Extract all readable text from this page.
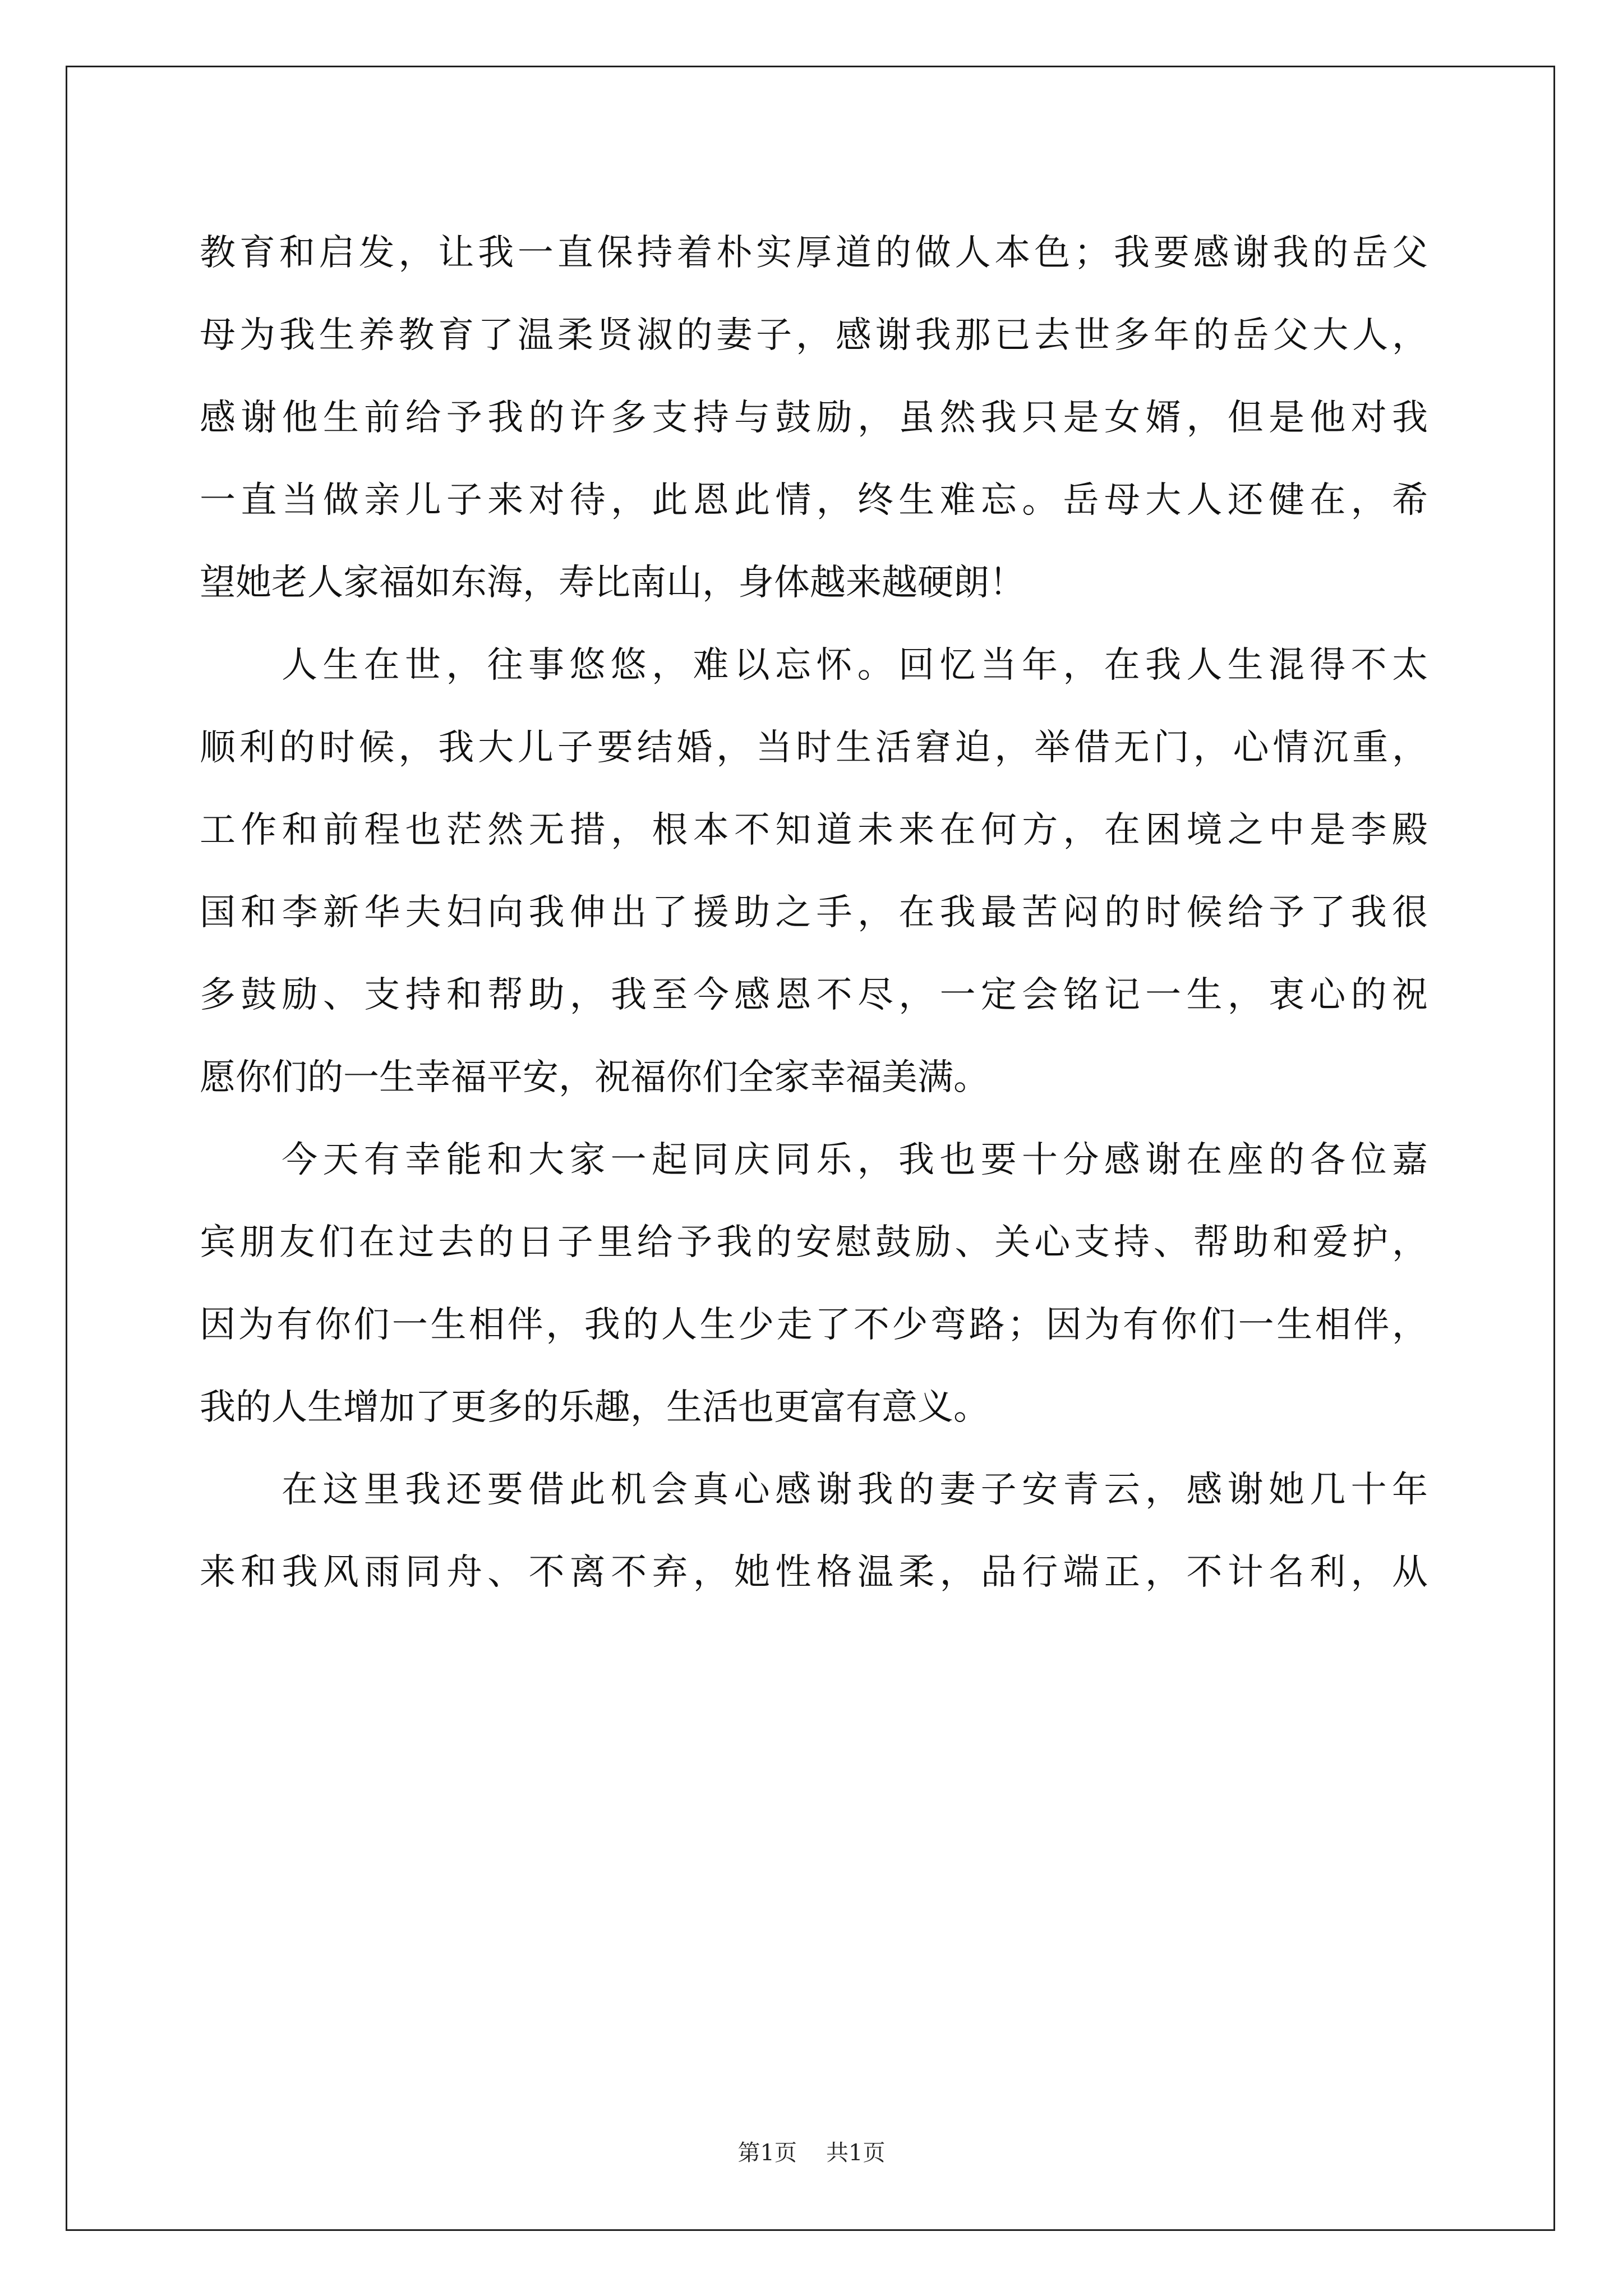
教育和启发，让我一直保持着朴实厚道的做人本色；我要感谢我的岳父
母为我生养教育了温柔贤淑的妻子，感谢我那已去世多年的岳父大人，
感谢他生前给予我的许多支持与鼓励，虽然我只是女婿，但是他对我
一直当做亲儿子来对待，此恩此情，终生难忘。岳母大人还健在，希
望她老人家福如东海，寿比南山，身体越来越硬朗！
人生在世，往事悠悠，难以忘怀。回忆当年，在我人生混得不太
顺利的时候，我大儿子要结婚，当时生活窘迫，举借无门，心情沉重，
工作和前程也茫然无措，根本不知道未来在何方，在困境之中是李殿
国和李新华夫妇向我伸出了援助之手，在我最苦闷的时候给予了我很
多鼓励、支持和帮助，我至今感恩不尽，一定会铭记一生，衷心的祝
愿你们的一生幸福平安，祝福你们全家幸福美满。
今天有幸能和大家一起同庆同乐，我也要十分感谢在座的各位嘉
宾朋友们在过去的日子里给予我的安慰鼓励、关心支持、帮助和爱护，
因为有你们一生相伴，我的人生少走了不少弯路；因为有你们一生相伴，
我的人生增加了更多的乐趣，生活也更富有意义。
在这里我还要借此机会真心感谢我的妻子安青云，感谢她几十年
来和我风雨同舟、不离不弃，她性格温柔，品行端正，不计名利，从
第1页 共1页
